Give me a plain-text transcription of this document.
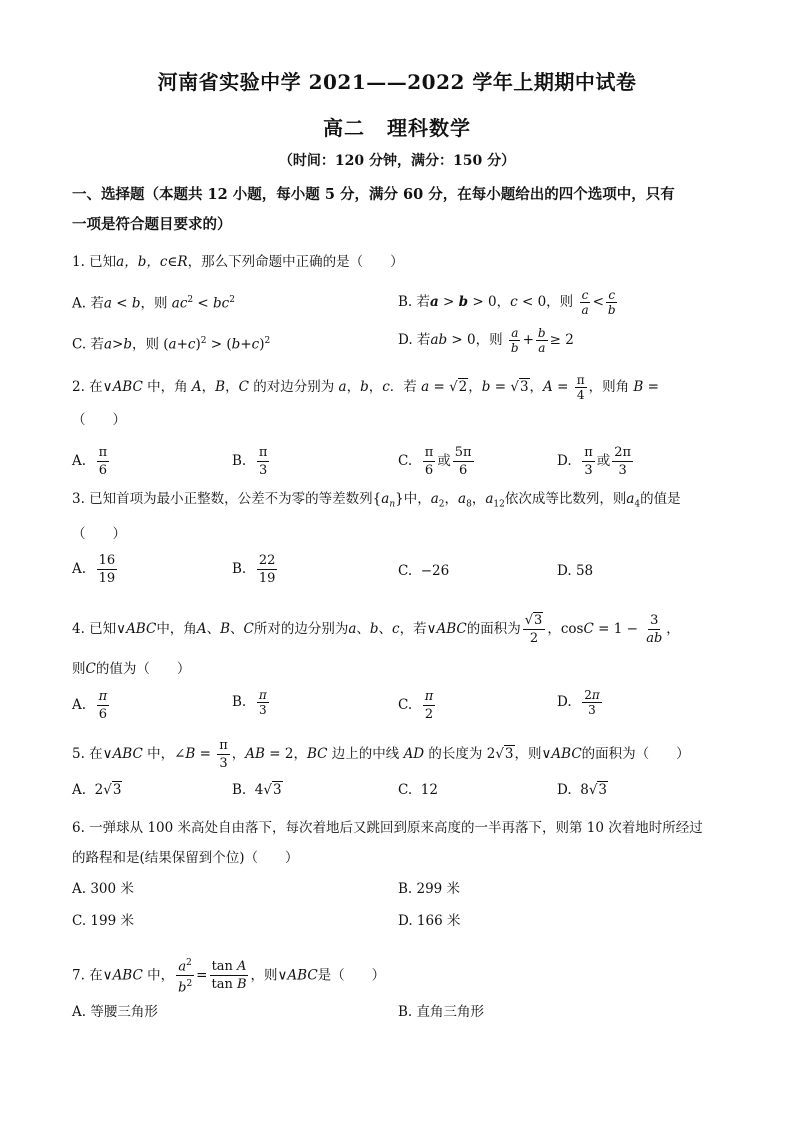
河南省实验中学 2021——2022 学年上期期中试卷
高二 理科数学
（时间：120 分钟，满分：150 分）
一、选择题（本题共 12 小题，每小题 5 分，满分 60 分，在每小题给出的四个选项中，只有
一项是符合题目要求的）
1. 已知a，b，c∈R，那么下列命题中正确的是（　　）
A. 若a < b，则 $ac^2 < bc^2$	B. 若a > b > 0，c < 0，则 $\frac{c}{a} < \frac{c}{b}$
C. 若a>b，则 $(a+c)^2 > (b+c)^2$	D. 若ab > 0，则 $\frac{a}{b} + \frac{b}{a} \ge 2$
2. 在∨ABC 中，角 A，B，C 的对边分别为 a，b，c．若 a = √2，b = √3，$A = \frac{\pi}{4}$ ，则角 B =
（　　）
A. $\frac{\pi}{6}$	B. $\frac{\pi}{3}$	C. $\frac{\pi}{6}$ 或 $\frac{5\pi}{6}$	D. $\frac{\pi}{3}$ 或 $\frac{2\pi}{3}$
3. 已知首项为最小正整数，公差不为零的等差数列$\{a_n\}$中，$a_2$，$a_8$，$a_{12}$依次成等比数列，则$a_4$的值是
（　　）
A. $\frac{16}{19}$	B. $\frac{22}{19}$	C. −26	D. 58
4. 已知∨ABC中，角A、B、C所对的边分别为a、b、c，若∨ABC的面积为 $\frac{√3}{2}$ ，$\cos C = 1 - \frac{3}{ab}$ ，
则C的值为（　　）
A. $\frac{\pi}{6}$	B. $\frac{\pi}{3}$	C. $\frac{\pi}{2}$	D. $\frac{2\pi}{3}$
5. 在∨ABC 中，∠B = $\frac{\pi}{3}$ ，AB = 2，BC 边上的中线 AD 的长度为 2√3，则∨ABC的面积为（　　）
A.  2√3	B.  4√3	C. 12	D.  8√3
6. 一弹球从 100 米高处自由落下，每次着地后又跳回到原来高度的一半再落下，则第 10 次着地时所经过
的路程和是(结果保留到个位)（　　）
A. 300 米	B. 299 米
C. 199 米	D. 166 米
7. 在∨ABC 中， $\frac{a^2}{b^2} = \frac{\text{tan A}}{\text{tan B}}$ ，则∨ABC是（　　）
A. 等腰三角形	B. 直角三角形
